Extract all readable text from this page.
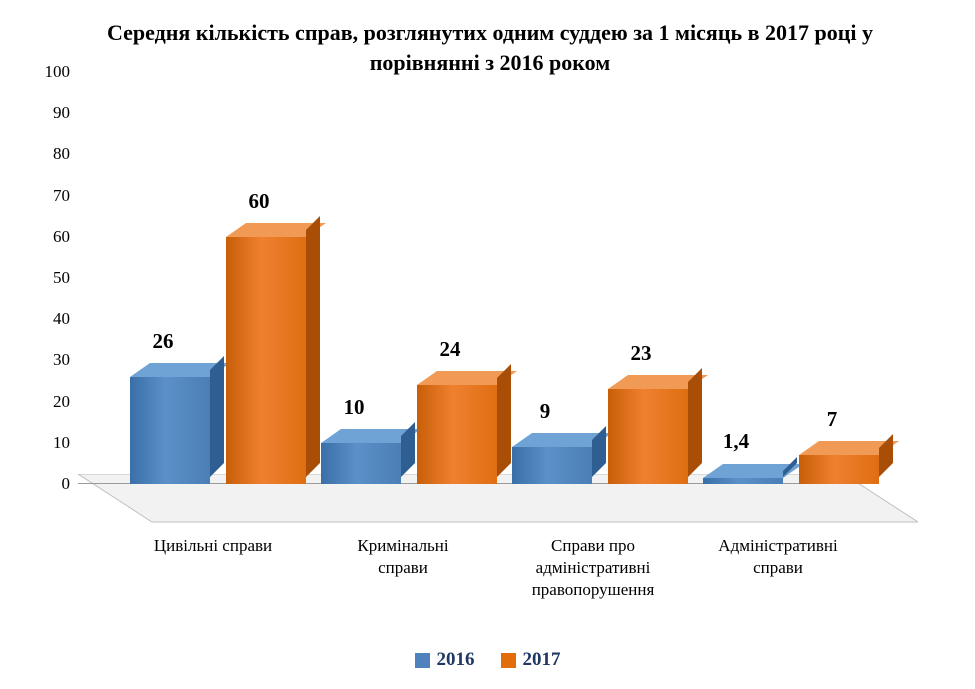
Середня кількість справ, розглянутих одним суддею за 1 місяць в 2017 році у порівнянні з 2016 роком
100
90
80
70
60
50
40
30
20
10
0
26
60
10
24
9
23
1,4
7
Цивільні справи	Кримінальні
справи
Справи про
адміністративні
правопорушення
Адміністративні
справи
2016	2017
